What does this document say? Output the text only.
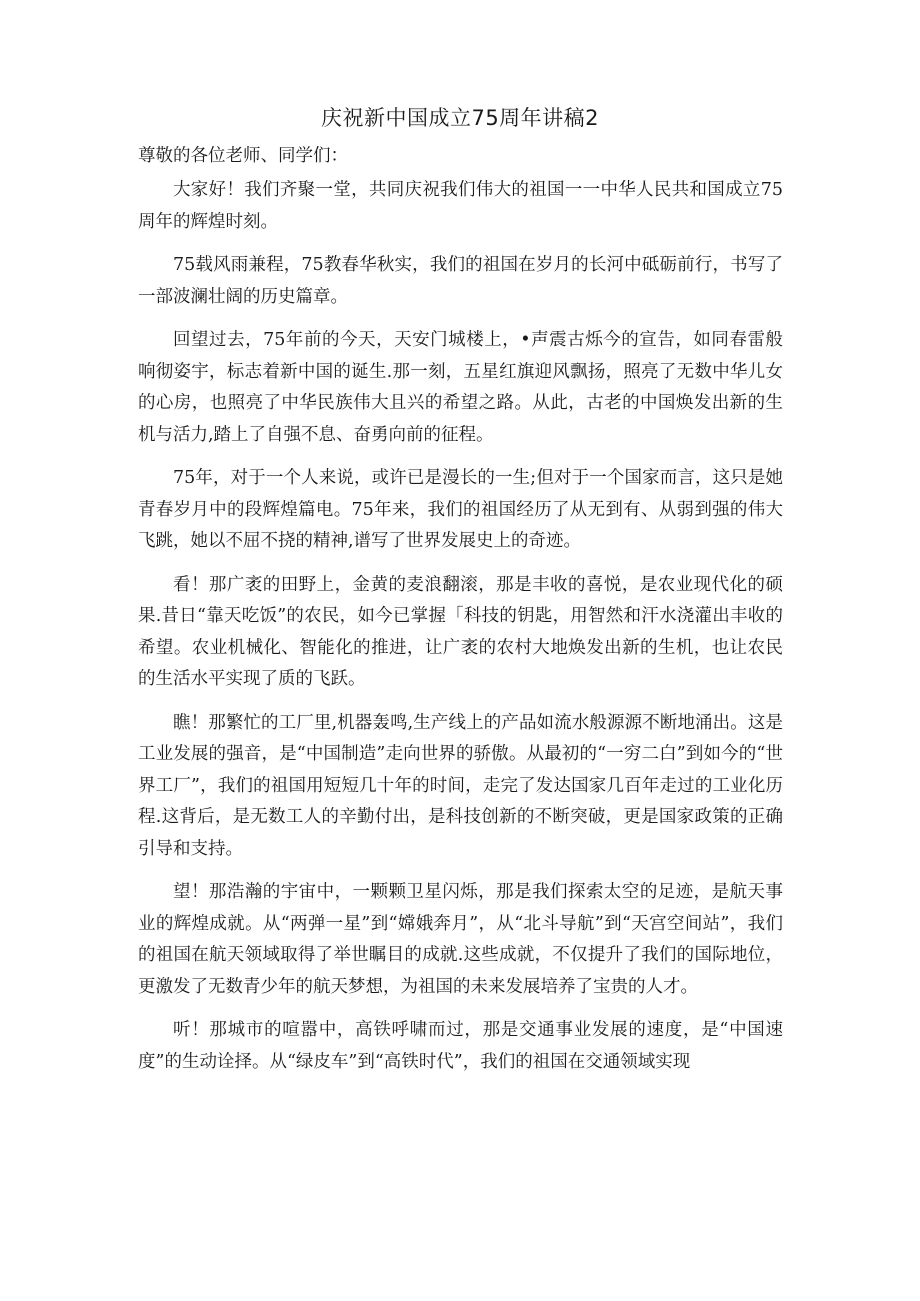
庆祝新中国成立75周年讲稿2

尊敬的各位老师、同学们：

大家好！我们齐聚一堂，共同庆祝我们伟大的祖国一一中华人民共和国成立75周年的辉煌时刻。

75载风雨兼程，75教春华秋实，我们的祖国在岁月的长河中砥砺前行，书写了一部波澜壮阔的历史篇章。

回望过去，75年前的今天，天安门城楼上，•声震古烁今的宣告，如同春雷般响彻姿宇，标志着新中国的诞生.那一刻，五星红旗迎风飘扬，照亮了无数中华儿女的心房，也照亮了中华民族伟大且兴的希望之路。从此，古老的中国焕发出新的生机与活力,踏上了自强不息、奋勇向前的征程。

75年，对于一个人来说，或许已是漫长的一生;但对于一个国家而言，这只是她青春岁月中的段辉煌篇电。75年来，我们的祖国经历了从无到有、从弱到强的伟大飞跳，她以不屈不挠的精神,谱写了世界发展史上的奇迹。

看！那广袤的田野上，金黄的麦浪翻滚，那是丰收的喜悦，是农业现代化的硕果.昔日“靠天吃饭”的农民，如今已掌握「科技的钥匙，用智然和汗水浇灌出丰收的希望。农业机械化、智能化的推进，让广袤的农村大地焕发出新的生机，也让农民的生活水平实现了质的飞跃。

瞧！那繁忙的工厂里,机器轰鸣,生产线上的产品如流水般源源不断地涌出。这是工业发展的强音，是“中国制造”走向世界的骄傲。从最初的“一穷二白”到如今的“世界工厂”，我们的祖国用短短几十年的时间，走完了发达国家几百年走过的工业化历程.这背后，是无数工人的辛勤付出，是科技创新的不断突破，更是国家政策的正确引导和支持。

望！那浩瀚的宇宙中，一颗颗卫星闪烁，那是我们探索太空的足迹，是航天事业的辉煌成就。从“两弹一星”到“嫦娥奔月”，从“北斗导航”到“天宫空间站”，我们的祖国在航天领域取得了举世瞩目的成就.这些成就，不仅提升了我们的国际地位，更激发了无数青少年的航天梦想，为祖国的未来发展培养了宝贵的人才。

听！那城市的喧嚣中，高铁呼啸而过，那是交通事业发展的速度，是“中国速度”的生动诠择。从“绿皮车”到“高铁时代”，我们的祖国在交通领域实现
